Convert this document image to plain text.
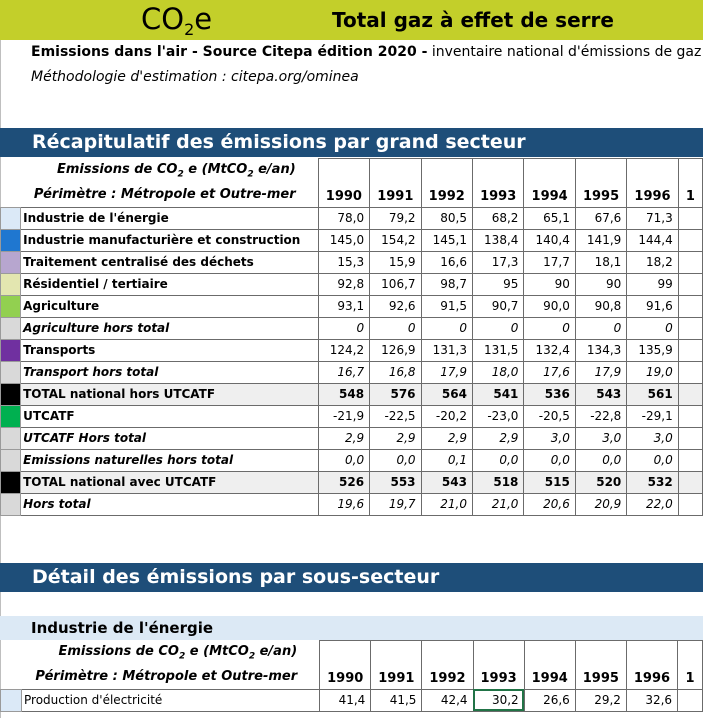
$CO_2e$	Total gaz à effet de serre
Emissions dans l'air - Source Citepa édition 2020 - inventaire national d'émissions de gaz
Méthodologie d'estimation : citepa.org/ominea
Récapitulatif des émissions par grand secteur
	Emissions de $CO_2$ e (MtCO$_2$ e/an)	1990	1991	1992	1993	1994	1995	1996	1
	Périmètre : Métropole et Outre-mer								
	Industrie de l'énergie	78,0	79,2	80,5	68,2	65,1	67,6	71,3	
	Industrie manufacturière et construction	145,0	154,2	145,1	138,4	140,4	141,9	144,4	
	Traitement centralisé des déchets	15,3	15,9	16,6	17,3	17,7	18,1	18,2	
	Résidentiel / tertiaire	92,8	106,7	98,7	95	90	90	99	
	Agriculture	93,1	92,6	91,5	90,7	90,0	90,8	91,6	
	Agriculture hors total	0	0	0	0	0	0	0	
	Transports	124,2	126,9	131,3	131,5	132,4	134,3	135,9	
	Transport hors total	16,7	16,8	17,9	18,0	17,6	17,9	19,0	
	TOTAL national hors UTCATF	548	576	564	541	536	543	561	
	UTCATF	-21,9	-22,5	-20,2	-23,0	-20,5	-22,8	-29,1	
	UTCATF Hors total	2,9	2,9	2,9	2,9	3,0	3,0	3,0	
	Emissions naturelles hors total	0,0	0,0	0,1	0,0	0,0	0,0	0,0	
	TOTAL national avec UTCATF	526	553	543	518	515	520	532	
	Hors total	19,6	19,7	21,0	21,0	20,6	20,9	22,0	
Détail des émissions par sous-secteur
Industrie de l'énergie
	Emissions de $CO_2$ e (MtCO$_2$ e/an)	1990	1991	1992	1993	1994	1995	1996	1
	Périmètre : Métropole et Outre-mer								
	Production d'électricité	41,4	41,5	42,4	30,2	26,6	29,2	32,6	
